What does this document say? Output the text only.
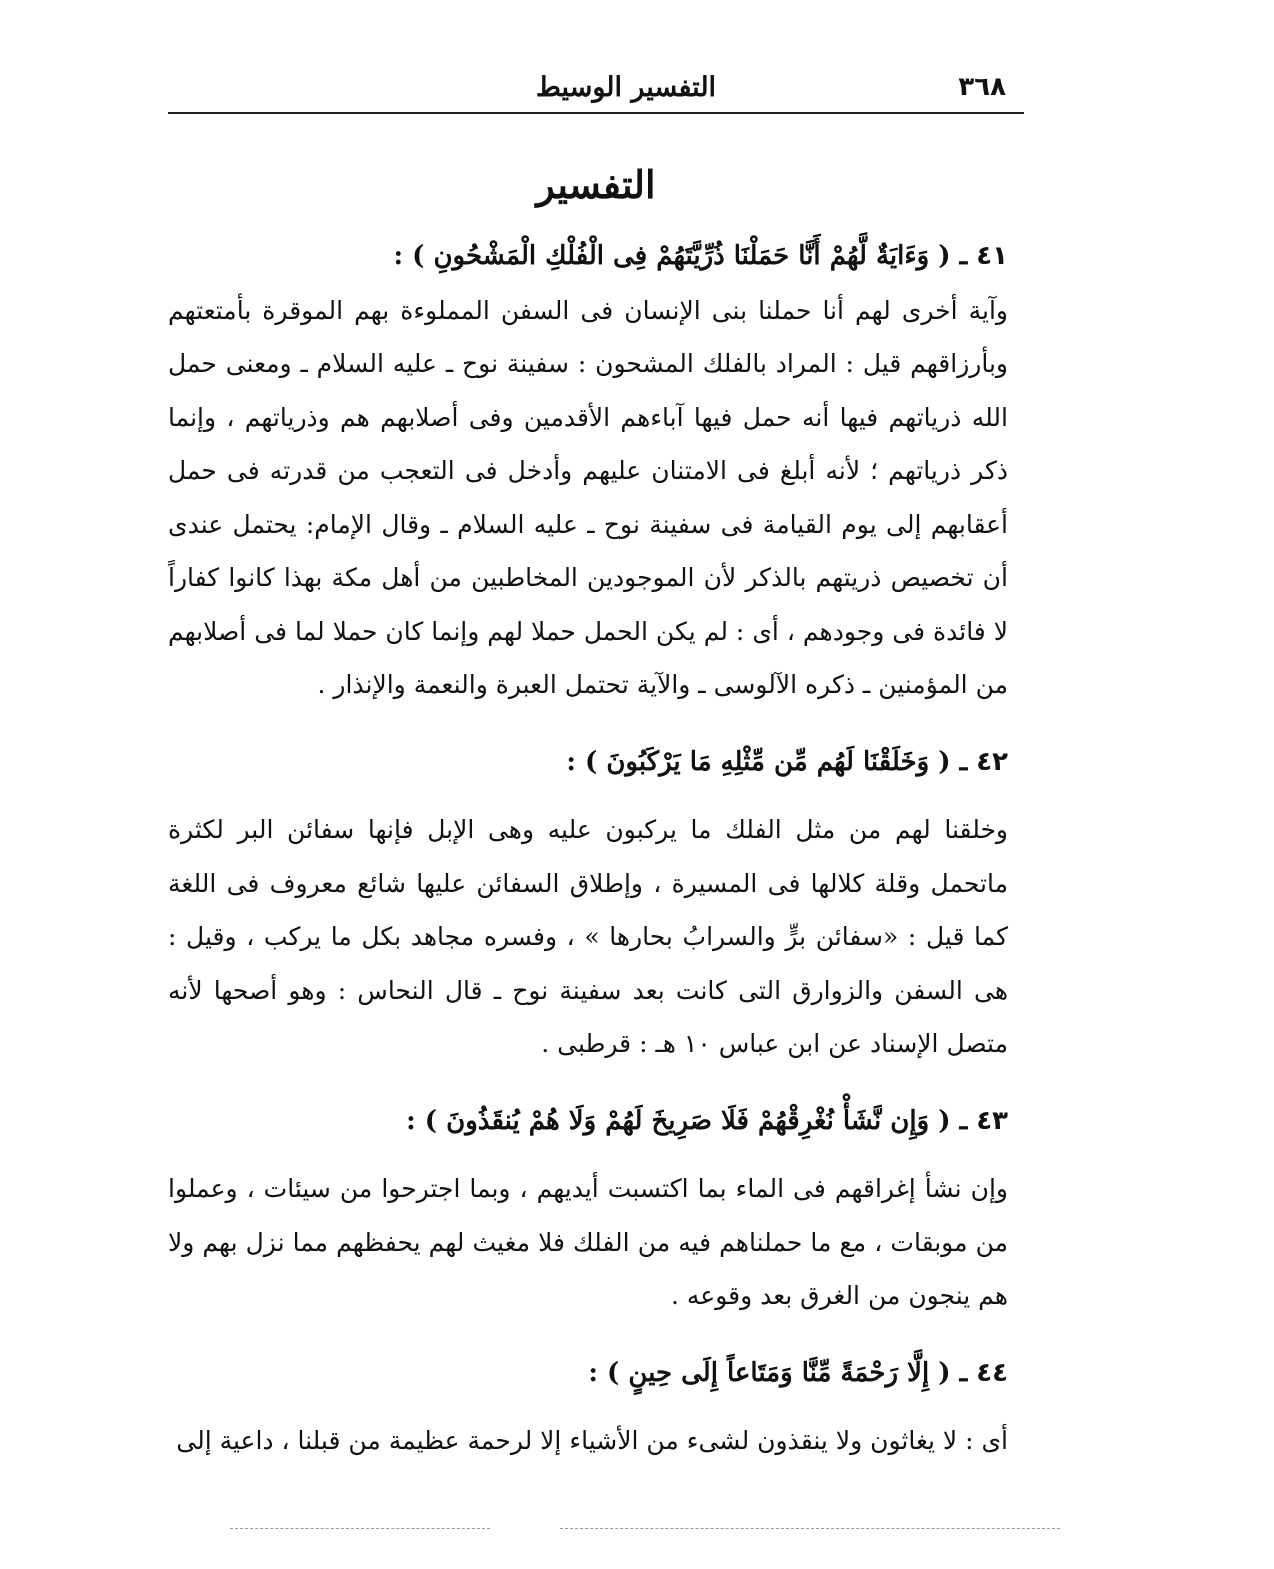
٣٦٨
التفسير الوسيط
التفسير

٤١ ـ ( وَءَايَةٌ لَّهُمْ أَنَّا حَمَلْنَا ذُرِّيَّتَهُمْ فِى الْفُلْكِ الْمَشْحُونِ ) :

وآية أخرى لهم أنا حملنا بنى الإنسان فى السفن المملوءة بهم الموقرة بأمتعتهم وبأرزاقهم قيل : المراد بالفلك المشحون : سفينة نوح ـ عليه السلام ـ ومعنى حمل الله ذرياتهم فيها أنه حمل فيها آباءهم الأقدمين وفى أصلابهم هم وذرياتهم ، وإنما ذكر ذرياتهم ؛ لأنه أبلغ فى الامتنان عليهم وأدخل فى التعجب من قدرته فى حمل أعقابهم إلى يوم القيامة فى سفينة نوح ـ عليه السلام ـ وقال الإمام: يحتمل عندى أن تخصيص ذريتهم بالذكر لأن الموجودين المخاطبين من أهل مكة بهذا كانوا كفاراً لا فائدة فى وجودهم ، أى : لم يكن الحمل حملا لهم وإنما كان حملا لما فى أصلابهم من المؤمنين ـ ذكره الآلوسى ـ والآية تحتمل العبرة والنعمة والإنذار .

٤٢ ـ ( وَخَلَقْنَا لَهُم مِّن مِّثْلِهِ مَا يَرْكَبُونَ ) :

وخلقنا لهم من مثل الفلك ما يركبون عليه وهى الإبل فإنها سفائن البر لكثرة ماتحمل وقلة كلالها فى المسيرة ، وإطلاق السفائن عليها شائع معروف فى اللغة كما قيل : «سفائن برٍّ والسرابُ بحارها » ، وفسره مجاهد بكل ما يركب ، وقيل : هى السفن والزوارق التى كانت بعد سفينة نوح ـ قال النحاس : وهو أصحها لأنه متصل الإسناد عن ابن عباس ١٠ هـ : قرطبى .

٤٣ ـ ( وَإِن نَّشَأْ نُغْرِقْهُمْ فَلَا صَرِيخَ لَهُمْ وَلَا هُمْ يُنقَذُونَ ) :

وإن نشأ إغراقهم فى الماء بما اكتسبت أيديهم ، وبما اجترحوا من سيئات ، وعملوا من موبقات ، مع ما حملناهم فيه من الفلك فلا مغيث لهم يحفظهم مما نزل بهم ولا هم ينجون من الغرق بعد وقوعه .

٤٤ ـ ( إِلَّا رَحْمَةً مِّنَّا وَمَتَاعاً إِلَى حِينٍ ) :

أى : لا يغاثون ولا ينقذون لشىء من الأشياء إلا لرحمة عظيمة من قبلنا ، داعية إلى
